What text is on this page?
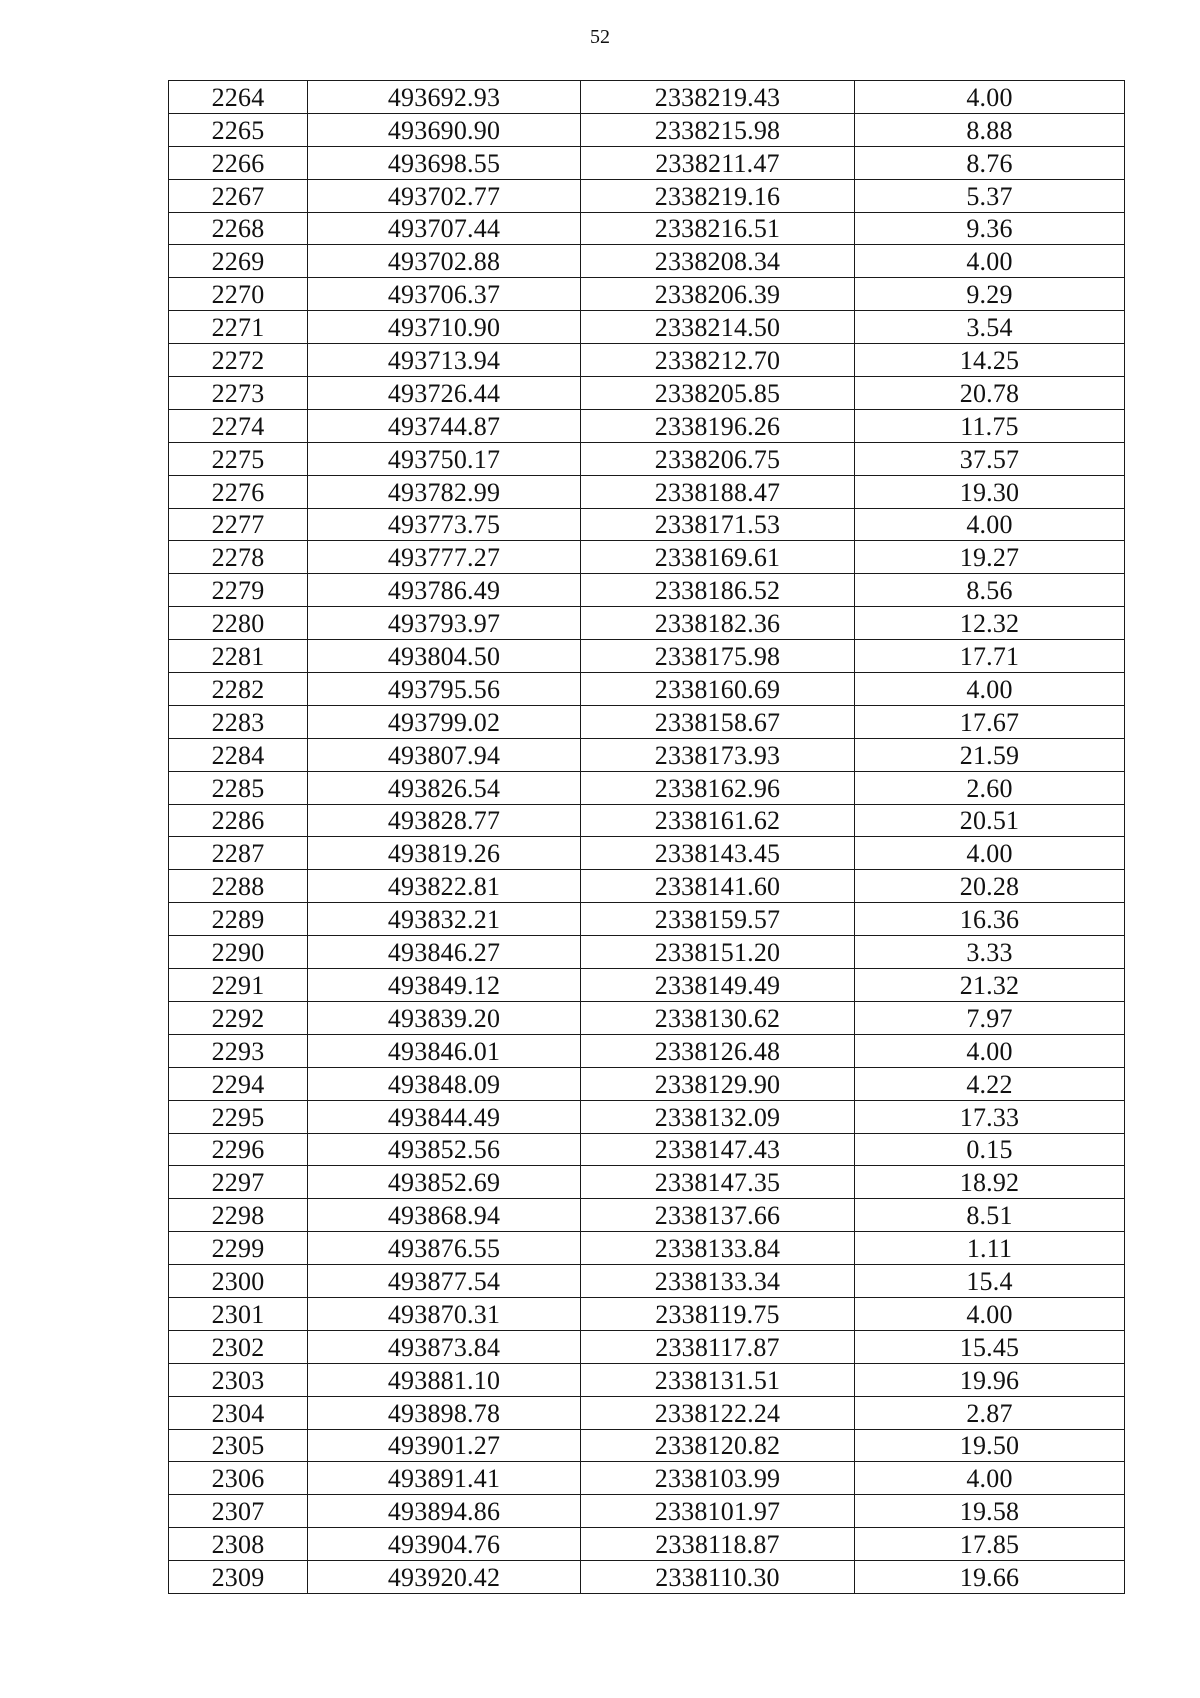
52
2264	493692.93	2338219.43	4.00
2265	493690.90	2338215.98	8.88
2266	493698.55	2338211.47	8.76
2267	493702.77	2338219.16	5.37
2268	493707.44	2338216.51	9.36
2269	493702.88	2338208.34	4.00
2270	493706.37	2338206.39	9.29
2271	493710.90	2338214.50	3.54
2272	493713.94	2338212.70	14.25
2273	493726.44	2338205.85	20.78
2274	493744.87	2338196.26	11.75
2275	493750.17	2338206.75	37.57
2276	493782.99	2338188.47	19.30
2277	493773.75	2338171.53	4.00
2278	493777.27	2338169.61	19.27
2279	493786.49	2338186.52	8.56
2280	493793.97	2338182.36	12.32
2281	493804.50	2338175.98	17.71
2282	493795.56	2338160.69	4.00
2283	493799.02	2338158.67	17.67
2284	493807.94	2338173.93	21.59
2285	493826.54	2338162.96	2.60
2286	493828.77	2338161.62	20.51
2287	493819.26	2338143.45	4.00
2288	493822.81	2338141.60	20.28
2289	493832.21	2338159.57	16.36
2290	493846.27	2338151.20	3.33
2291	493849.12	2338149.49	21.32
2292	493839.20	2338130.62	7.97
2293	493846.01	2338126.48	4.00
2294	493848.09	2338129.90	4.22
2295	493844.49	2338132.09	17.33
2296	493852.56	2338147.43	0.15
2297	493852.69	2338147.35	18.92
2298	493868.94	2338137.66	8.51
2299	493876.55	2338133.84	1.11
2300	493877.54	2338133.34	15.4
2301	493870.31	2338119.75	4.00
2302	493873.84	2338117.87	15.45
2303	493881.10	2338131.51	19.96
2304	493898.78	2338122.24	2.87
2305	493901.27	2338120.82	19.50
2306	493891.41	2338103.99	4.00
2307	493894.86	2338101.97	19.58
2308	493904.76	2338118.87	17.85
2309	493920.42	2338110.30	19.66
